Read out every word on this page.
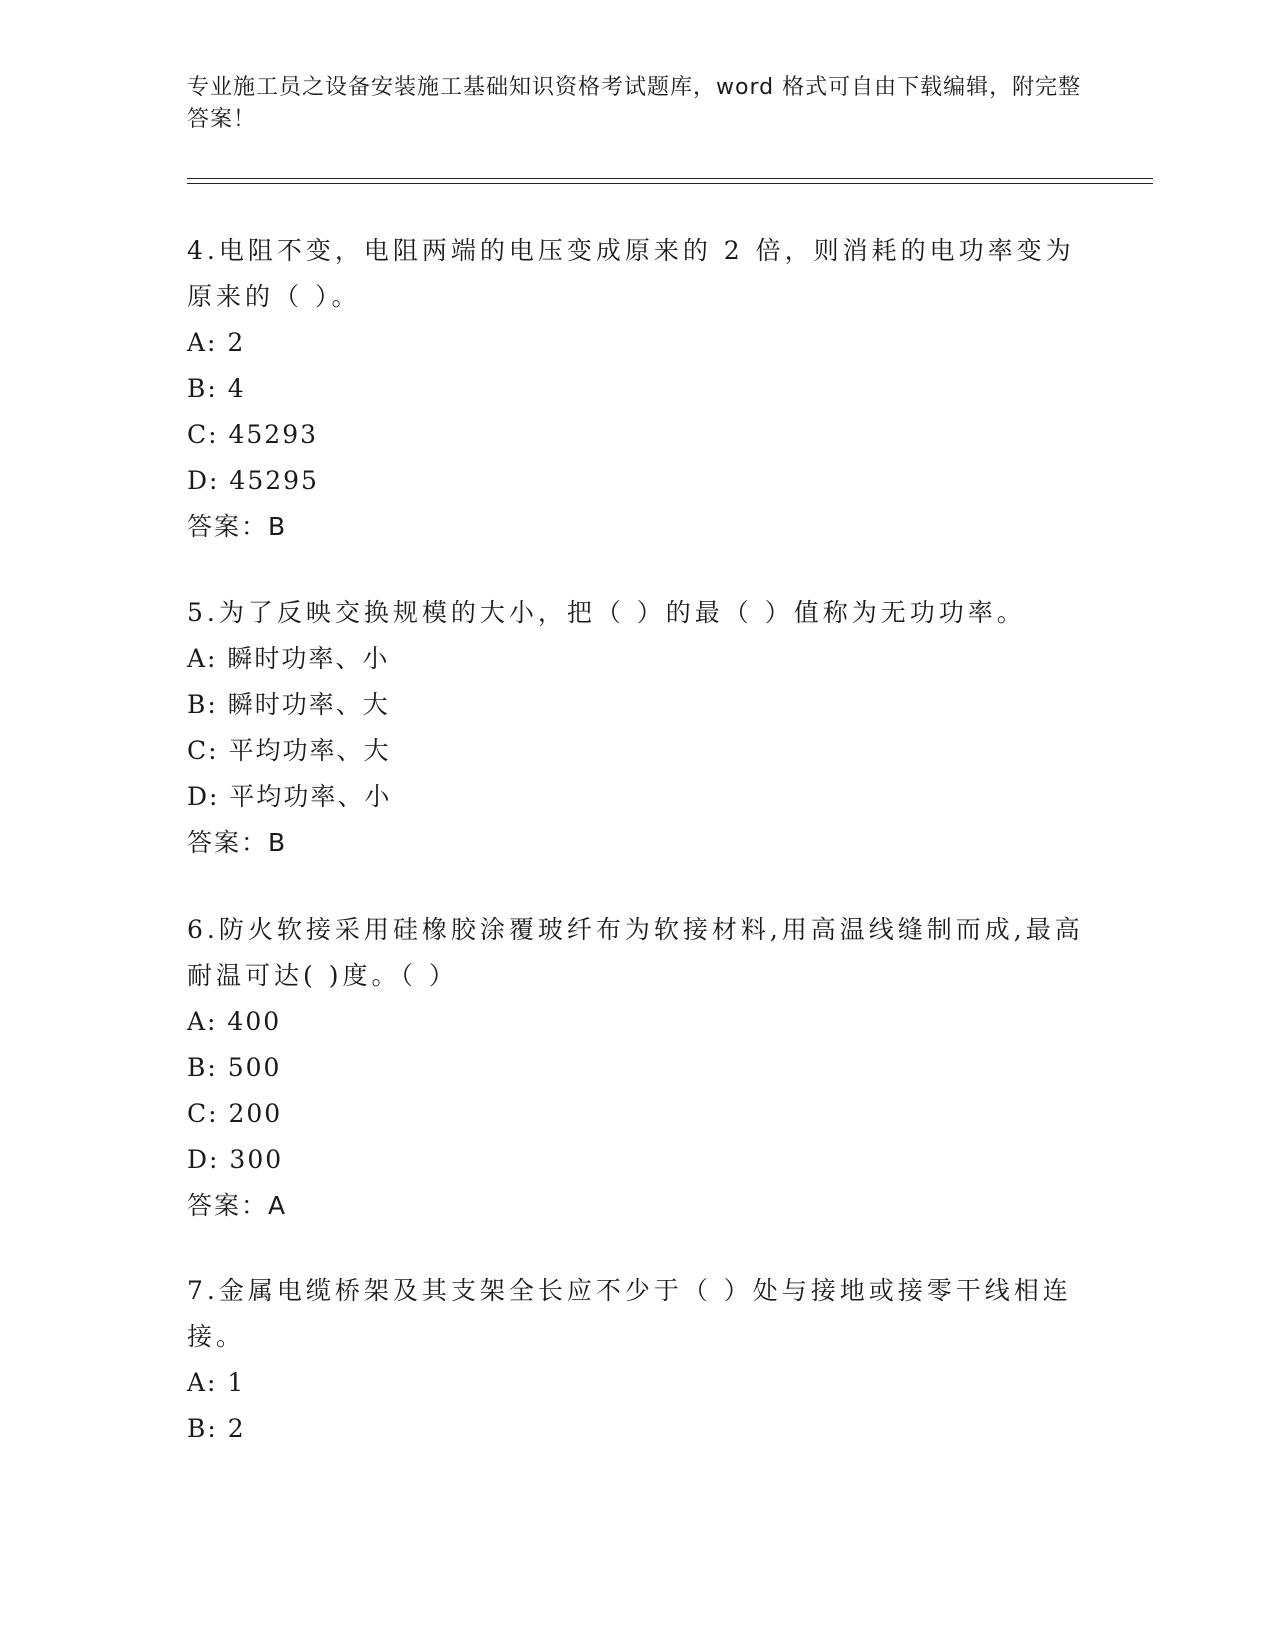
专业施工员之设备安装施工基础知识资格考试题库，word 格式可自由下载编辑，附完整答案！

4.电阻不变，电阻两端的电压变成原来的 2 倍，则消耗的电功率变为原来的（ ）。

A: 2

B: 4

C: 45293

D: 45295

答案：B

5.为了反映交换规模的大小，把（ ）的最（ ）值称为无功功率。

A: 瞬时功率、小

B: 瞬时功率、大

C: 平均功率、大

D: 平均功率、小

答案：B

6.防火软接采用硅橡胶涂覆玻纤布为软接材料,用高温线缝制而成,最高耐温可达( )度。（ ）

A: 400

B: 500

C: 200

D: 300

答案：A

7.金属电缆桥架及其支架全长应不少于（ ）处与接地或接零干线相连接。

A: 1

B: 2
